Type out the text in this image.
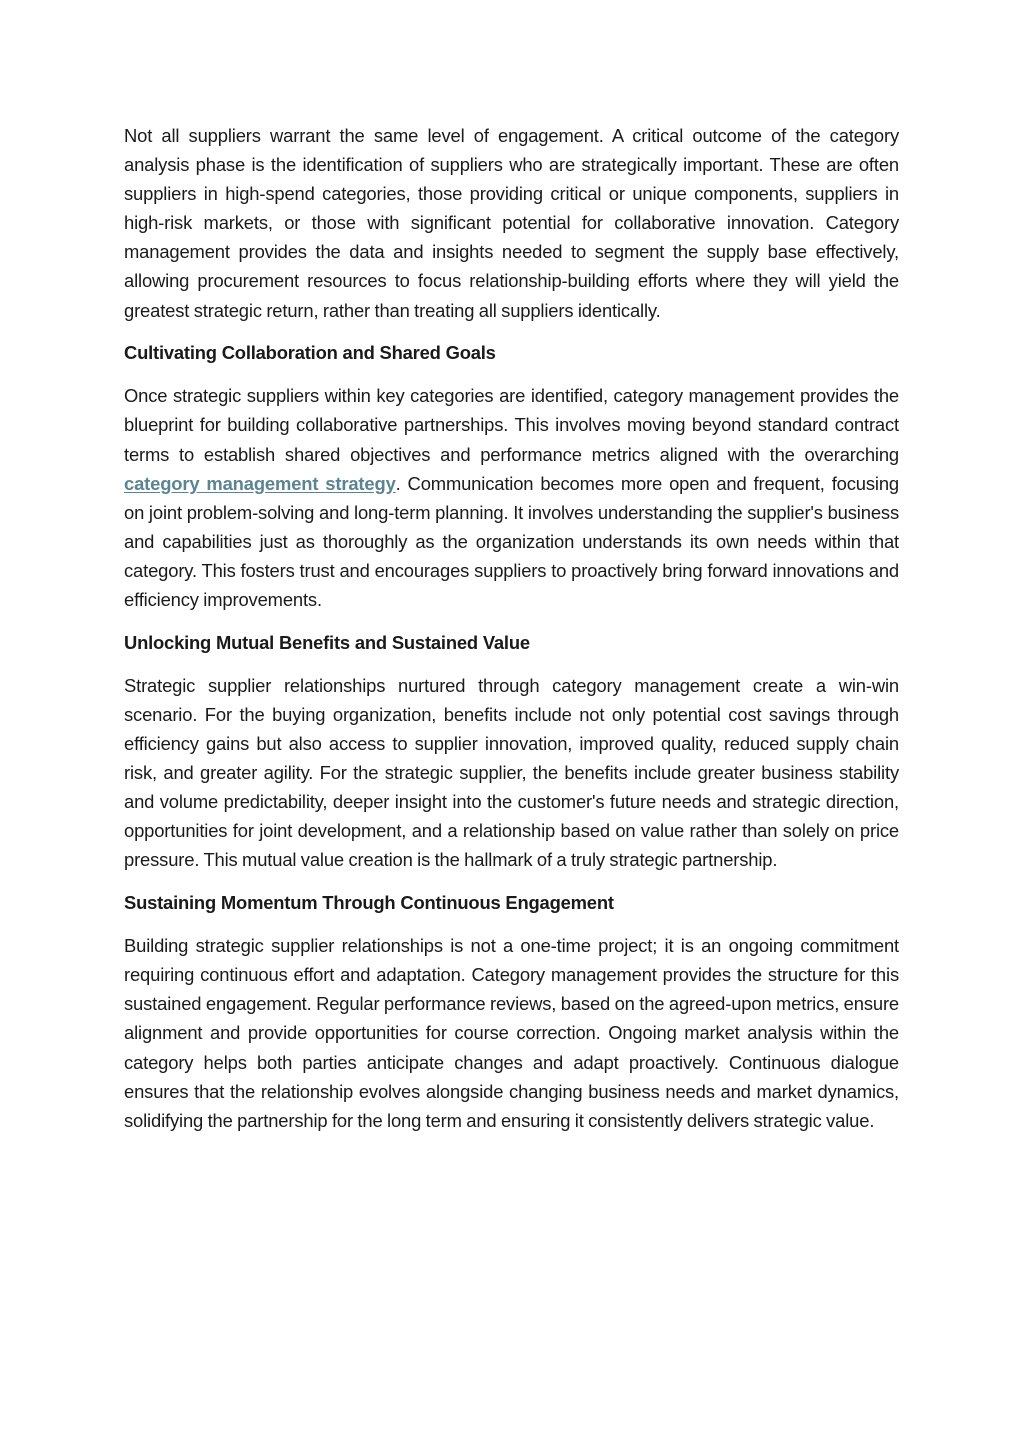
Not all suppliers warrant the same level of engagement. A critical outcome of the category analysis phase is the identification of suppliers who are strategically important. These are often suppliers in high-spend categories, those providing critical or unique components, suppliers in high-risk markets, or those with significant potential for collaborative innovation. Category management provides the data and insights needed to segment the supply base effectively, allowing procurement resources to focus relationship-building efforts where they will yield the greatest strategic return, rather than treating all suppliers identically.

Cultivating Collaboration and Shared Goals

Once strategic suppliers within key categories are identified, category management provides the blueprint for building collaborative partnerships. This involves moving beyond standard contract terms to establish shared objectives and performance metrics aligned with the overarching category management strategy. Communication becomes more open and frequent, focusing on joint problem-solving and long-term planning. It involves understanding the supplier's business and capabilities just as thoroughly as the organization understands its own needs within that category. This fosters trust and encourages suppliers to proactively bring forward innovations and efficiency improvements.

Unlocking Mutual Benefits and Sustained Value

Strategic supplier relationships nurtured through category management create a win-win scenario. For the buying organization, benefits include not only potential cost savings through efficiency gains but also access to supplier innovation, improved quality, reduced supply chain risk, and greater agility. For the strategic supplier, the benefits include greater business stability and volume predictability, deeper insight into the customer's future needs and strategic direction, opportunities for joint development, and a relationship based on value rather than solely on price pressure. This mutual value creation is the hallmark of a truly strategic partnership.

Sustaining Momentum Through Continuous Engagement

Building strategic supplier relationships is not a one-time project; it is an ongoing commitment requiring continuous effort and adaptation. Category management provides the structure for this sustained engagement. Regular performance reviews, based on the agreed-upon metrics, ensure alignment and provide opportunities for course correction. Ongoing market analysis within the category helps both parties anticipate changes and adapt proactively. Continuous dialogue ensures that the relationship evolves alongside changing business needs and market dynamics, solidifying the partnership for the long term and ensuring it consistently delivers strategic value.
